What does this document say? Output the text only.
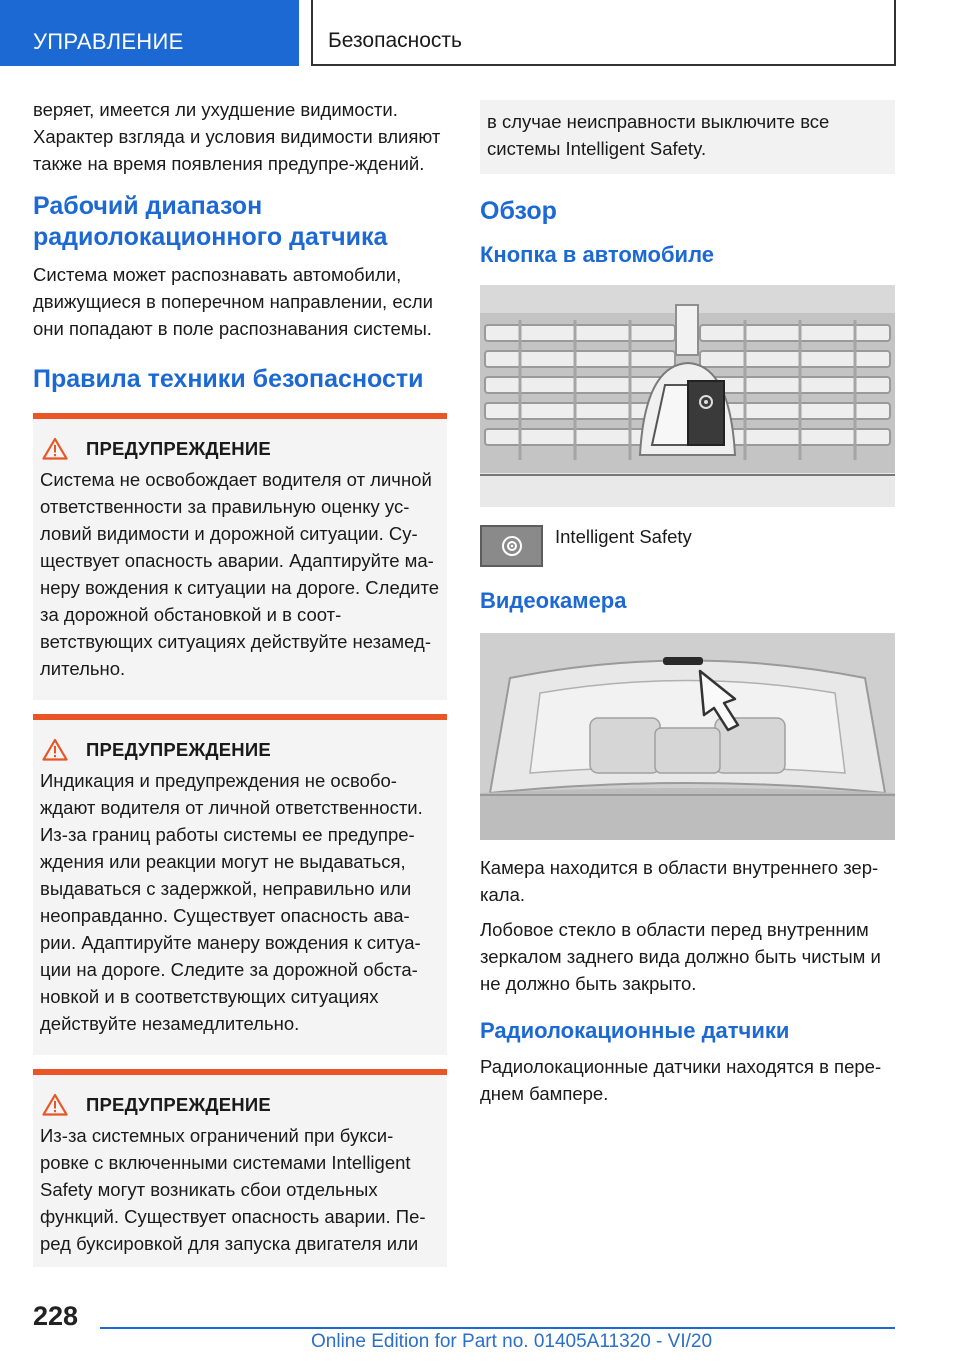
УПРАВЛЕНИЕ	Безопасность

веряет, имеется ли ухудшение видимости. Характер взгляда и условия видимости влияют также на время появления предупре-ждений.

Рабочий диапазон радиолокационного датчика

Система может распознавать автомобили, движущиеся в поперечном направлении, если они попадают в поле распознавания системы.

Правила техники безопасности
ПРЕДУПРЕЖДЕНИЕ

Система не освобождает водителя от личной ответственности за правильную оценку ус-ловий видимости и дорожной ситуации. Су-ществует опасность аварии. Адаптируйте ма-неру вождения к ситуации на дороге. Следите за дорожной обстановкой и в соот-ветствующих ситуациях действуйте незамед-лительно.

ПРЕДУПРЕЖДЕНИЕ

Индикация и предупреждения не освобо-ждают водителя от личной ответственности. Из-за границ работы системы ее предупре-ждения или реакции могут не выдаваться, выдаваться с задержкой, неправильно или неоправданно. Существует опасность ава-рии. Адаптируйте манеру вождения к ситуа-ции на дороге. Следите за дорожной обста-новкой и в соответствующих ситуациях действуйте незамедлительно.

ПРЕДУПРЕЖДЕНИЕ

Из-за системных ограничений при букси-ровке с включенными системами Intelligent Safety могут возникать сбои отдельных функций. Существует опасность аварии. Пе-ред буксировкой для запуска двигателя или

в случае неисправности выключите все системы Intelligent Safety.

Обзор
Кнопка в автомобиле
Intelligent Safety
Видеокамера

Камера находится в области внутреннего зер-кала.

Лобовое стекло в области перед внутренним зеркалом заднего вида должно быть чистым и не должно быть закрыто.

Радиолокационные датчики

Радиолокационные датчики находятся в пере-днем бампере.

228
Online Edition for Part no. 01405A11320 - VI/20
